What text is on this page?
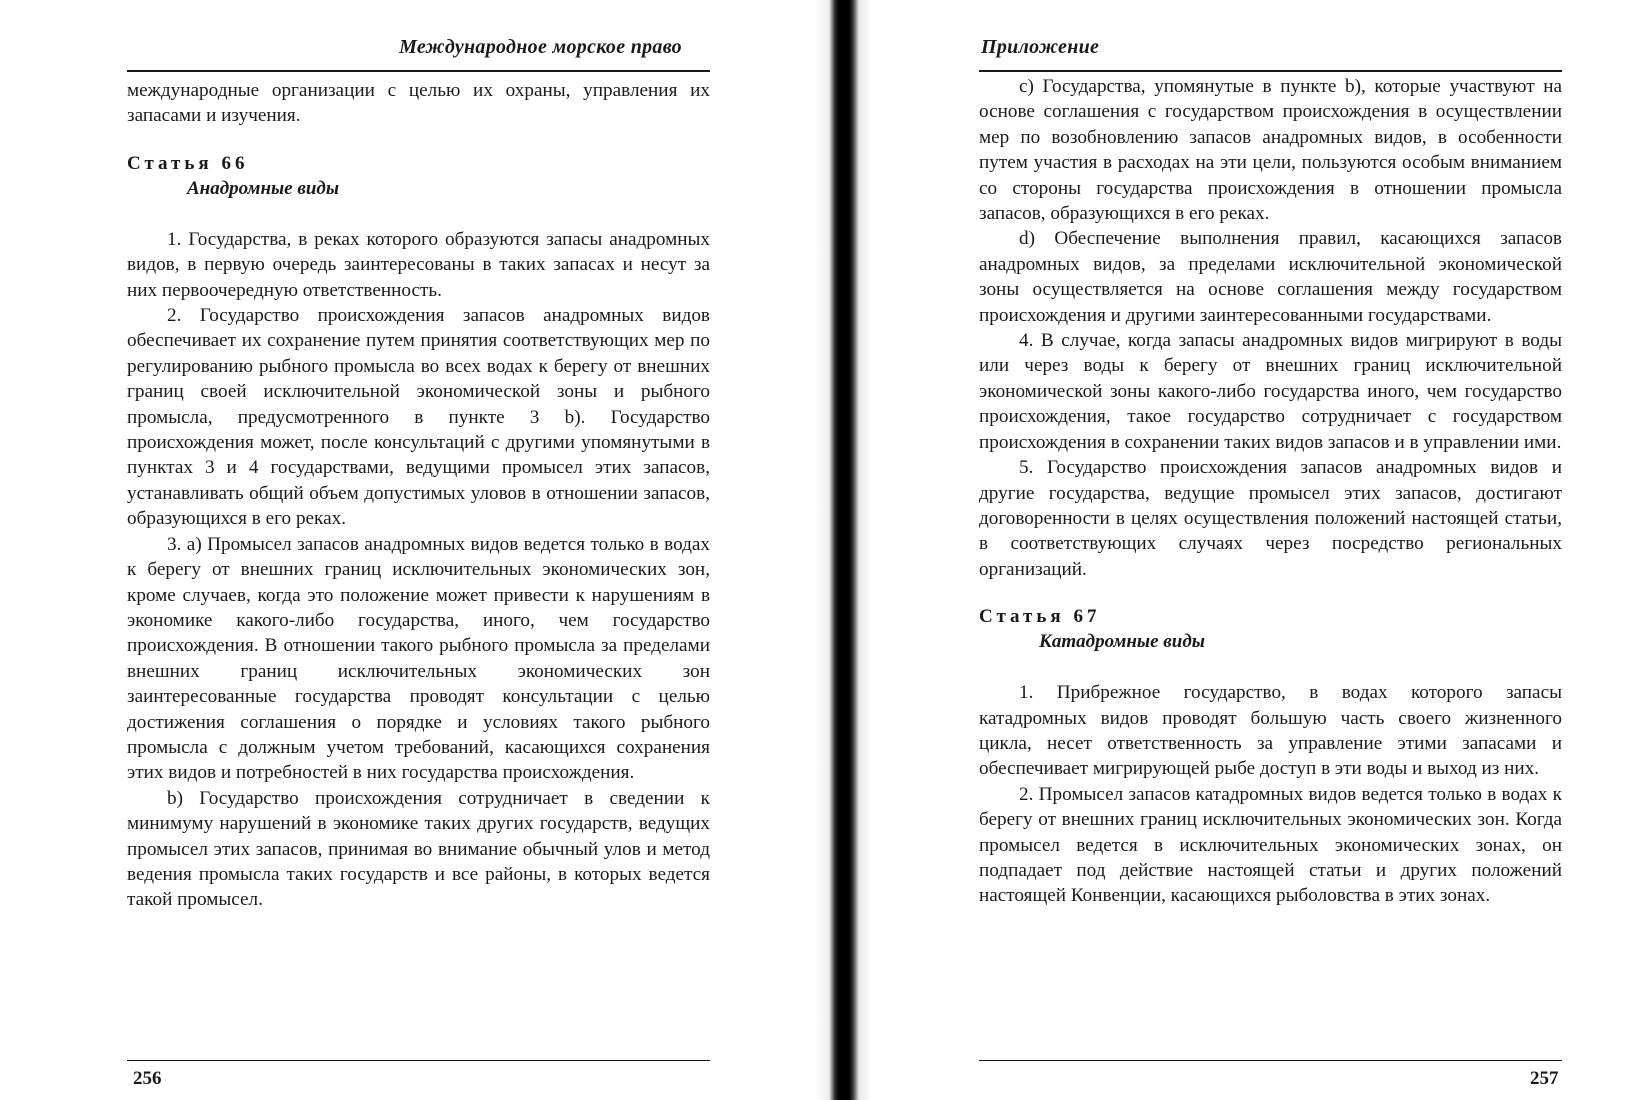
Международное морское право

международные организации с целью их охраны, управления их запасами и изучения.

Статья 66
Анадромные виды

1. Государства, в реках которого образуются запасы анадромных видов, в первую очередь заинтересованы в таких запасах и несут за них первоочередную ответственность.

2. Государство происхождения запасов анадромных видов обеспечивает их сохранение путем принятия соответствующих мер по регулированию рыбного промысла во всех водах к берегу от внешних границ своей исключительной экономической зоны и рыбного промысла, предусмотренного в пункте 3 b). Государство происхождения может, после консультаций с другими упомянутыми в пунктах 3 и 4 государствами, ведущими промысел этих запасов, устанавливать общий объем допустимых уловов в отношении запасов, образующихся в его реках.

3. а) Промысел запасов анадромных видов ведется только в водах к берегу от внешних границ исключительных экономических зон, кроме случаев, когда это положение может привести к нарушениям в экономике какого-либо государства, иного, чем государство происхождения. В отношении такого рыбного промысла за пределами внешних границ исключительных экономических зон заинтересованные государства проводят консультации с целью достижения соглашения о порядке и условиях такого рыбного промысла с должным учетом требований, касающихся сохранения этих видов и потребностей в них государства происхождения.

b) Государство происхождения сотрудничает в сведении к минимуму нарушений в экономике таких других государств, ведущих промысел этих запасов, принимая во внимание обычный улов и метод ведения промысла таких государств и все районы, в которых ведется такой промысел.

256
Приложение

с) Государства, упомянутые в пункте b), которые участвуют на основе соглашения с государством происхождения в осуществлении мер по возобновлению запасов анадромных видов, в особенности путем участия в расходах на эти цели, пользуются особым вниманием со стороны государства происхождения в отношении промысла запасов, образующихся в его реках.

d) Обеспечение выполнения правил, касающихся запасов анадромных видов, за пределами исключительной экономической зоны осуществляется на основе соглашения между государством происхождения и другими заинтересованными государствами.

4. В случае, когда запасы анадромных видов мигрируют в воды или через воды к берегу от внешних границ исключительной экономической зоны какого-либо государства иного, чем государство происхождения, такое государство сотрудничает с государством происхождения в сохранении таких видов запасов и в управлении ими.

5. Государство происхождения запасов анадромных видов и другие государства, ведущие промысел этих запасов, достигают договоренности в целях осуществления положений настоящей статьи, в соответствующих случаях через посредство региональных организаций.

Статья 67
Катадромные виды

1. Прибрежное государство, в водах которого запасы катадромных видов проводят большую часть своего жизненного цикла, несет ответственность за управление этими запасами и обеспечивает мигрирующей рыбе доступ в эти воды и выход из них.

2. Промысел запасов катадромных видов ведется только в водах к берегу от внешних границ исключительных экономических зон. Когда промысел ведется в исключительных экономических зонах, он подпадает под действие настоящей статьи и других положений настоящей Конвенции, касающихся рыболовства в этих зонах.

257
